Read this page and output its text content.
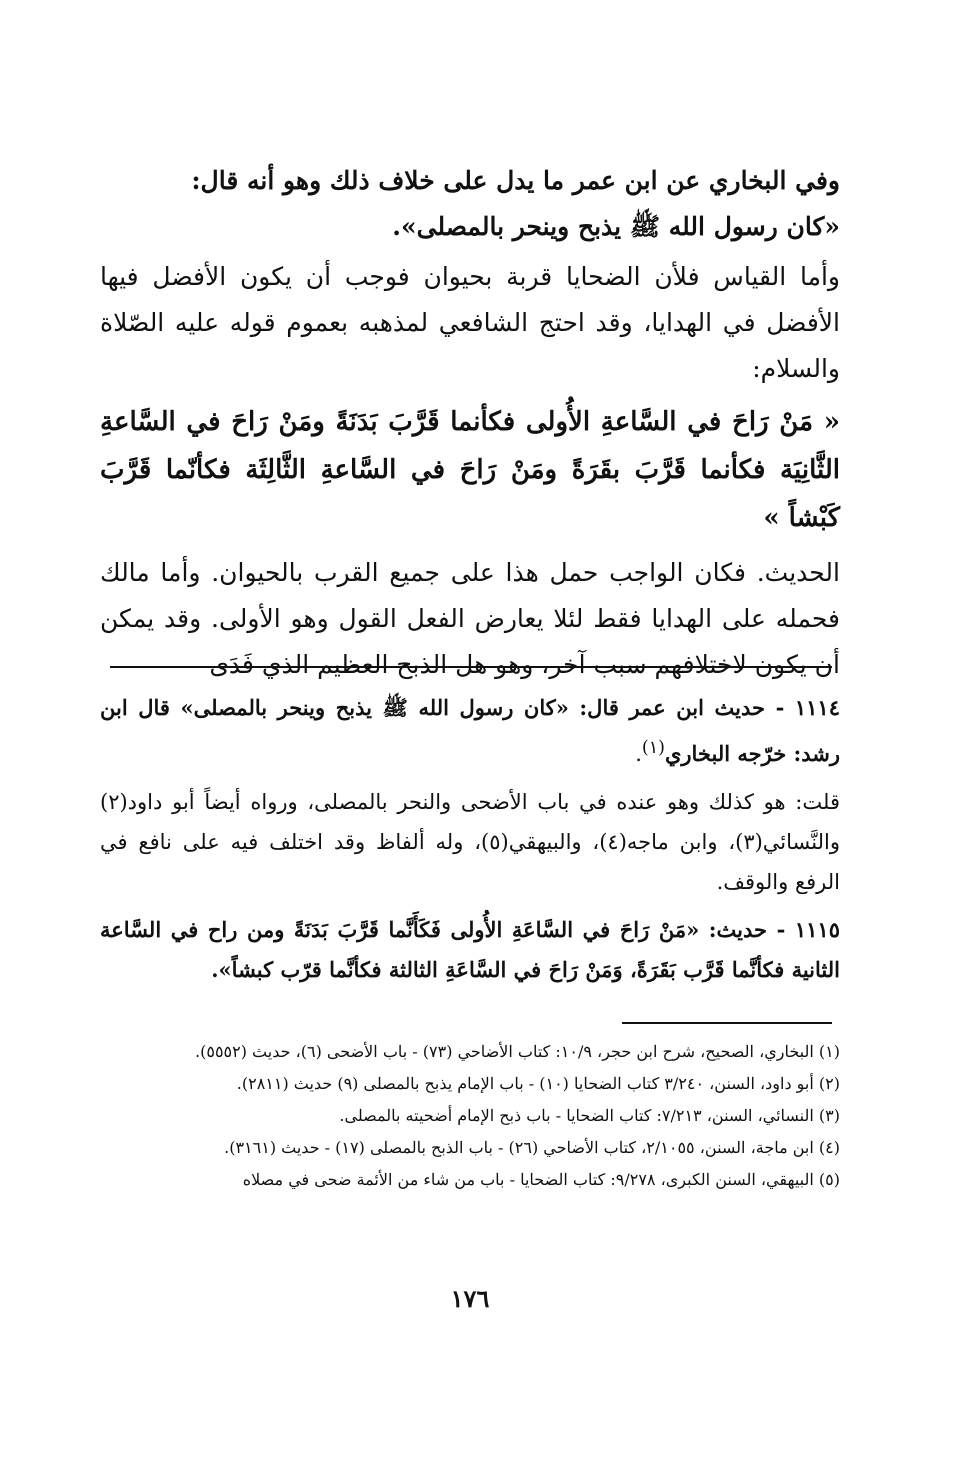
وفي البخاري عن ابن عمر ما يدل على خلاف ذلك وهو أنه قال:
«كان رسول الله ﷺ يذبح وينحر بالمصلى».

وأما القياس فلأن الضحايا قربة بحيوان فوجب أن يكون الأفضل فيها الأفضل في الهدايا، وقد احتج الشافعي لمذهبه بعموم قوله عليه الصّلاة والسلام:

« مَنْ رَاحَ في السَّاعةِ الأُولى فكأنما قَرَّبَ بَدَنَةً ومَنْ رَاحَ في السَّاعةِ الثَّانِيَة فكأنما قَرَّبَ بقَرَةً ومَنْ رَاحَ في السَّاعةِ الثَّالِثَة فكأنّما قَرَّبَ كَبْشاً »

الحديث. فكان الواجب حمل هذا على جميع القرب بالحيوان. وأما مالك فحمله على الهدايا فقط لئلا يعارض الفعل القول وهو الأولى. وقد يمكن أن يكون لاختلافهم سبب آخر، وهو هل الذبح العظيم الذي فَدَى

١١١٤ - حديث ابن عمر قال: «كان رسول الله ﷺ يذبح وينحر بالمصلى» قال ابن رشد: خرّجه البخاري$^{(١)}$.

قلت: هو كذلك وهو عنده في باب الأضحى والنحر بالمصلى، ورواه أيضاً أبو داود(٢) والنَّسائي(٣)، وابن ماجه(٤)، والبيهقي(٥)، وله ألفاظ وقد اختلف فيه على نافع في الرفع والوقف.

١١١٥ - حديث: «مَنْ رَاحَ في السَّاعَةِ الأُولى فَكَأَنَّما قَرَّبَ بَدَنَةً ومن راح في السَّاعة الثانية فكأنَّما قَرَّب بَقَرَةً، وَمَنْ رَاحَ في السَّاعَةِ الثالثة فكأنَّما قرّب كبشاً».

(١) البخاري، الصحيح، شرح ابن حجر، ١٠/٩: كتاب الأضاحي (٧٣) - باب الأضحى (٦)، حديث (٥٥٥٢).

(٢) أبو داود، السنن، ٣/٢٤٠ كتاب الضحايا (١٠) - باب الإمام يذبح بالمصلى (٩) حديث (٢٨١١).

(٣) النسائي، السنن، ٧/٢١٣: كتاب الضحايا - باب ذبح الإمام أضحيته بالمصلى.

(٤) ابن ماجة، السنن، ٢/١٠٥٥، كتاب الأضاحي (٢٦) - باب الذبح بالمصلى (١٧) - حديث (٣١٦١).

(٥) البيهقي، السنن الكبرى، ٩/٢٧٨: كتاب الضحايا - باب من شاء من الأئمة ضحى في مصلاه

١٧٦
